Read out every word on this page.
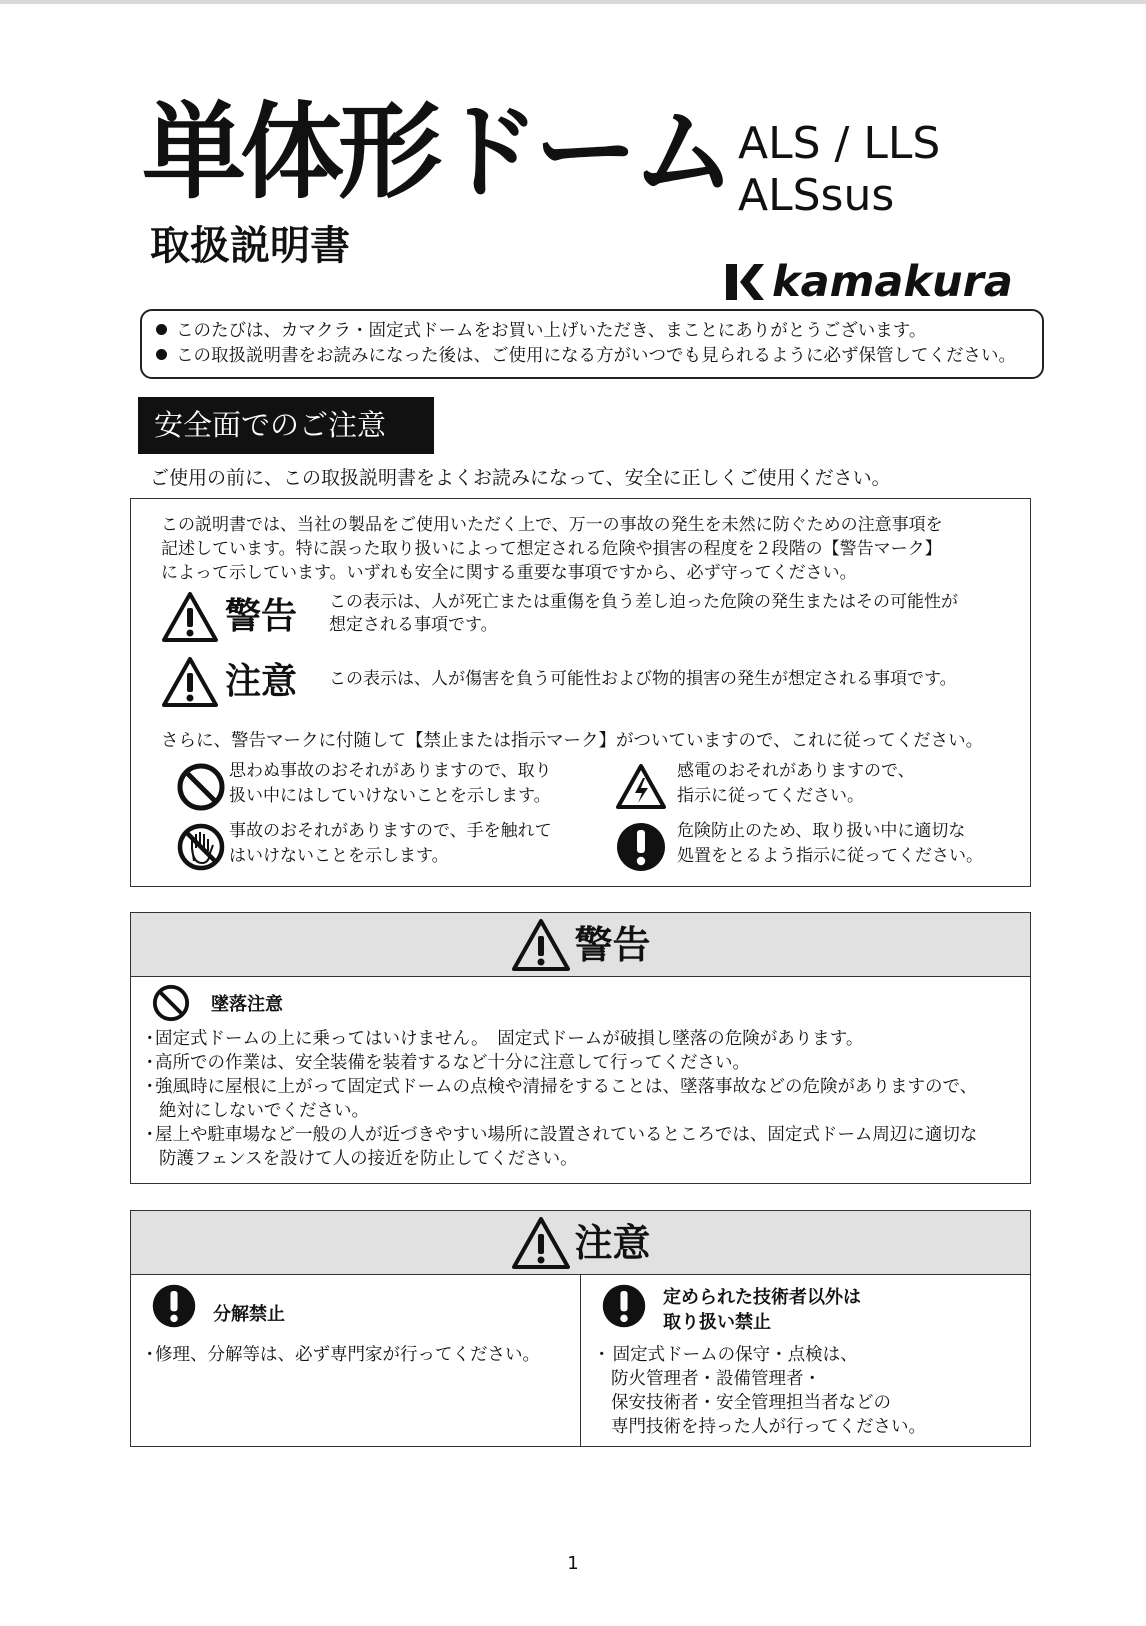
単体形ドーム ALS / LLS
ALSsus
取扱説明書
kamakura

このたびは、カマクラ・固定式ドームをお買い上げいただき、まことにありがとうございます。

この取扱説明書をお読みになった後は、ご使用になる方がいつでも見られるように必ず保管してください。

安全面でのご注意
ご使用の前に、この取扱説明書をよくお読みになって、安全に正しくご使用ください。
この説明書では、当社の製品をご使用いただく上で、万一の事故の発生を未然に防ぐための注意事項を
記述しています。特に誤った取り扱いによって想定される危険や損害の程度を２段階の【警告マーク】
によって示しています。いずれも安全に関する重要な事項ですから、必ず守ってください。
警告	この表示は、人が死亡または重傷を負う差し迫った危険の発生またはその可能性が
想定される事項です。
注意	この表示は、人が傷害を負う可能性および物的損害の発生が想定される事項です。
さらに、警告マークに付随して【禁止または指示マーク】がついていますので、これに従ってください。
思わぬ事故のおそれがありますので、取り
扱い中にはしていけないことを示します。
感電のおそれがありますので、
指示に従ってください。
事故のおそれがありますので、手を触れて
はいけないことを示します。
危険防止のため、取り扱い中に適切な
処置をとるよう指示に従ってください。
警告
墜落注意
・ 固定式ドームの上に乗ってはいけません。　固定式ドームが破損し墜落の危険があります。
・ 高所での作業は、安全装備を装着するなど十分に注意して行ってください。
・ 強風時に屋根に上がって固定式ドームの点検や清掃をすることは、墜落事故などの危険がありますので、
絶対にしないでください。
・ 屋上や駐車場など一般の人が近づきやすい場所に設置されているところでは、固定式ドーム周辺に適切な
防護フェンスを設けて人の接近を防止してください。
注意
分解禁止
・ 修理、分解等は、必ず専門家が行ってください。
定められた技術者以外は
取り扱い禁止
・ 固定式ドームの保守・点検は、
防火管理者・設備管理者・
保安技術者・安全管理担当者などの
専門技術を持った人が行ってください。
1
